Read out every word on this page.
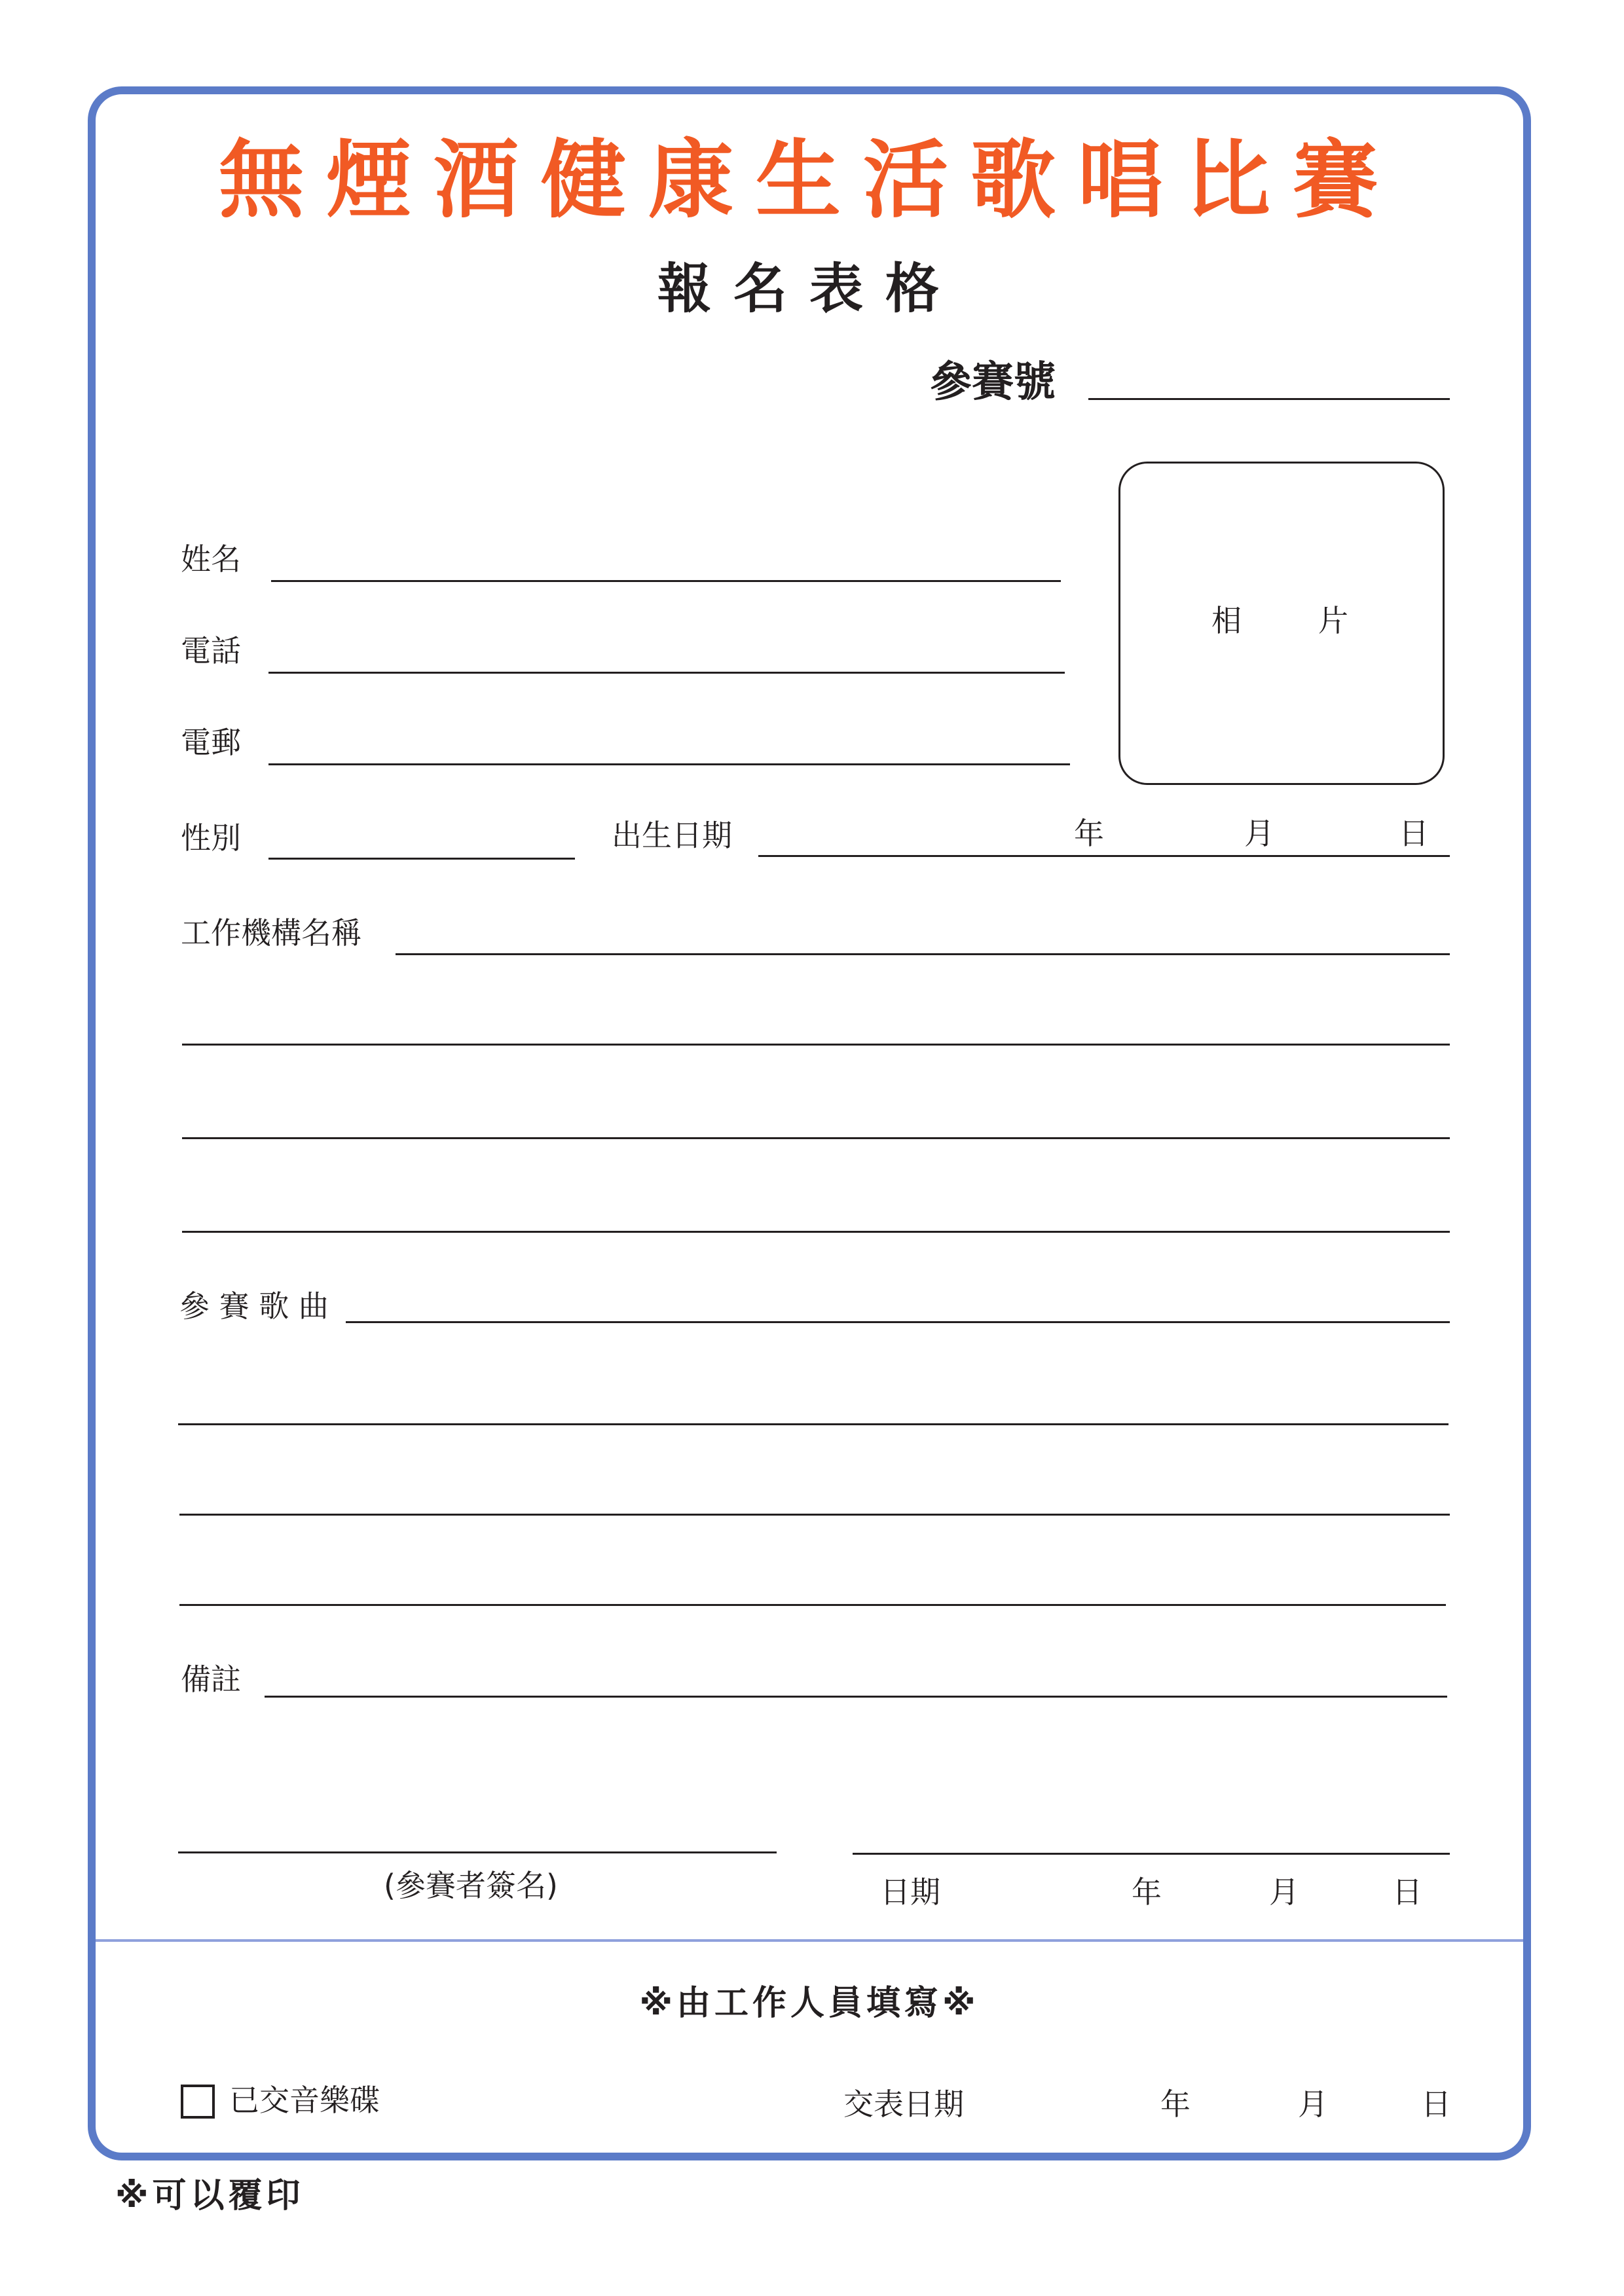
無煙酒健康生活歌唱比賽
報名表格
參賽號
相	片
姓名
電話
電郵
性別	出生日期	年	月	日
工作機構名稱
參 賽 歌 曲
備註
(參賽者簽名)	日期	年	月	日
※由工作人員填寫※
已交音樂碟	交表日期	年	月	日
※可以覆印
